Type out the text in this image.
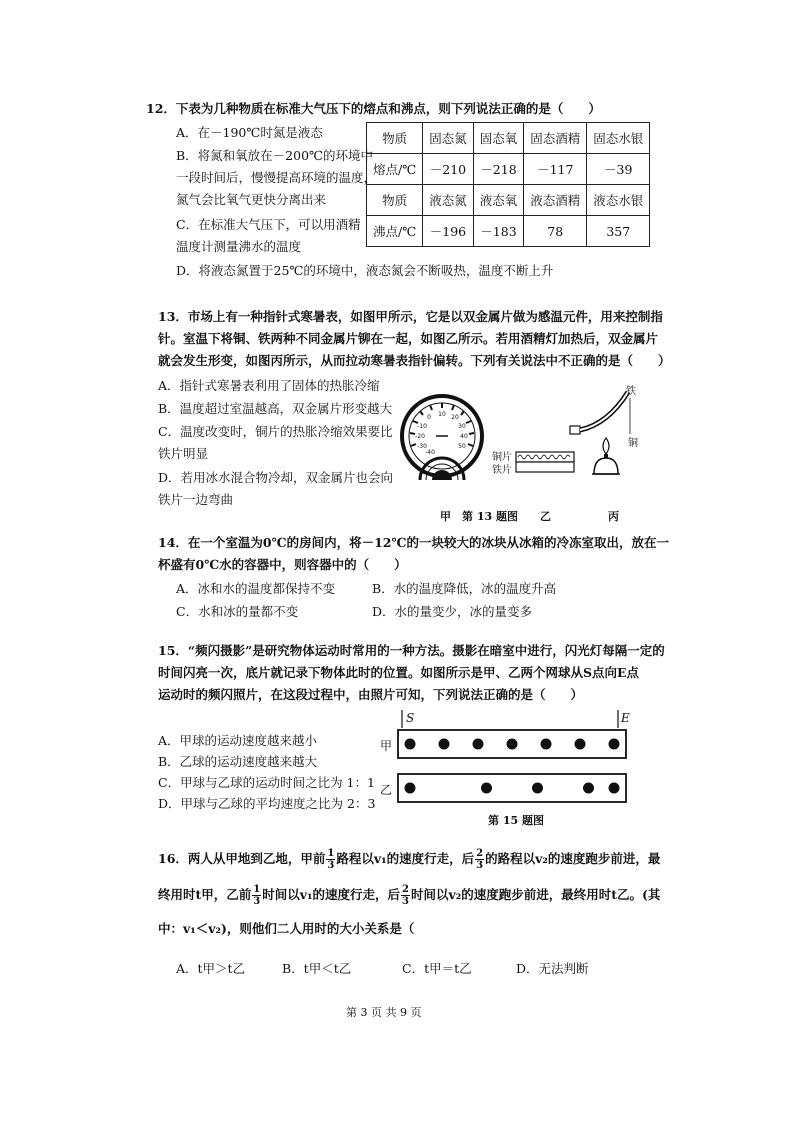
12．下表为几种物质在标准大气压下的熔点和沸点，则下列说法正确的是（　　）
A．在－190℃时氮是液态
B．将氮和氧放在－200℃的环境中
一段时间后，慢慢提高环境的温度，
氮气会比氧气更快分离出来
C．在标准大气压下，可以用酒精
温度计测量沸水的温度
D．将液态氮置于25℃的环境中，液态氮会不断吸热，温度不断上升
物质	固态氮	固态氧	固态酒精	固态水银
熔点/℃	－210	－218	－117	－39
物质	液态氮	液态氧	液态酒精	液态水银
沸点/℃	－196	－183	78	357
13．市场上有一种指针式寒暑表，如图甲所示，它是以双金属片做为感温元件，用来控制指
针。室温下将铜、铁两种不同金属片铆在一起，如图乙所示。若用酒精灯加热后，双金属片
就会发生形变，如图丙所示，从而拉动寒暑表指针偏转。下列有关说法中不正确的是（　　）
A．指针式寒暑表利用了固体的热胀冷缩
B．温度超过室温越高，双金属片形变越大
C．温度改变时，铜片的热胀冷缩效果要比
铁片明显
D．若用冰水混合物冷却，双金属片也会向
铁片一边弯曲
10 20
30
40
50
0
-10
-20
-30
-40	铜片
铁片
铁
铜
甲 第 13 题图 乙	丙
14．在一个室温为0℃的房间内，将－12℃的一块较大的冰块从冰箱的冷冻室取出，放在一
杯盛有0℃水的容器中，则容器中的（　　）
A．冰和水的温度都保持不变	B．水的温度降低，冰的温度升高
C．水和冰的量都不变	D．水的量变少，冰的量变多
15．“频闪摄影”是研究物体运动时常用的一种方法。摄影在暗室中进行，闪光灯每隔一定的
时间闪亮一次，底片就记录下物体此时的位置。如图所示是甲、乙两个网球从S点向E点
运动时的频闪照片，在这段过程中，由照片可知，下列说法正确的是（　　）
A．甲球的运动速度越来越小
B．乙球的运动速度越来越大
C．甲球与乙球的运动时间之比为 1：1
D．甲球与乙球的平均速度之比为 2：3
S	E
甲
乙
第 15 题图
16．两人从甲地到乙地，甲前 $\frac{1}{3}$ 路程以v₁的速度行走，后 $\frac{2}{3}$ 的路程以v₂的速度跑步前进，最
终用时t甲，乙前 $\frac{1}{3}$ 时间以v₁的速度行走，后 $\frac{2}{3}$ 时间以v₂的速度跑步前进，最终用时t乙。(其
中：v₁＜v₂)，则他们二人用时的大小关系是（
A．t甲＞t乙	B．t甲＜t乙	C．t甲＝t乙	D．无法判断
第 3 页 共 9 页
